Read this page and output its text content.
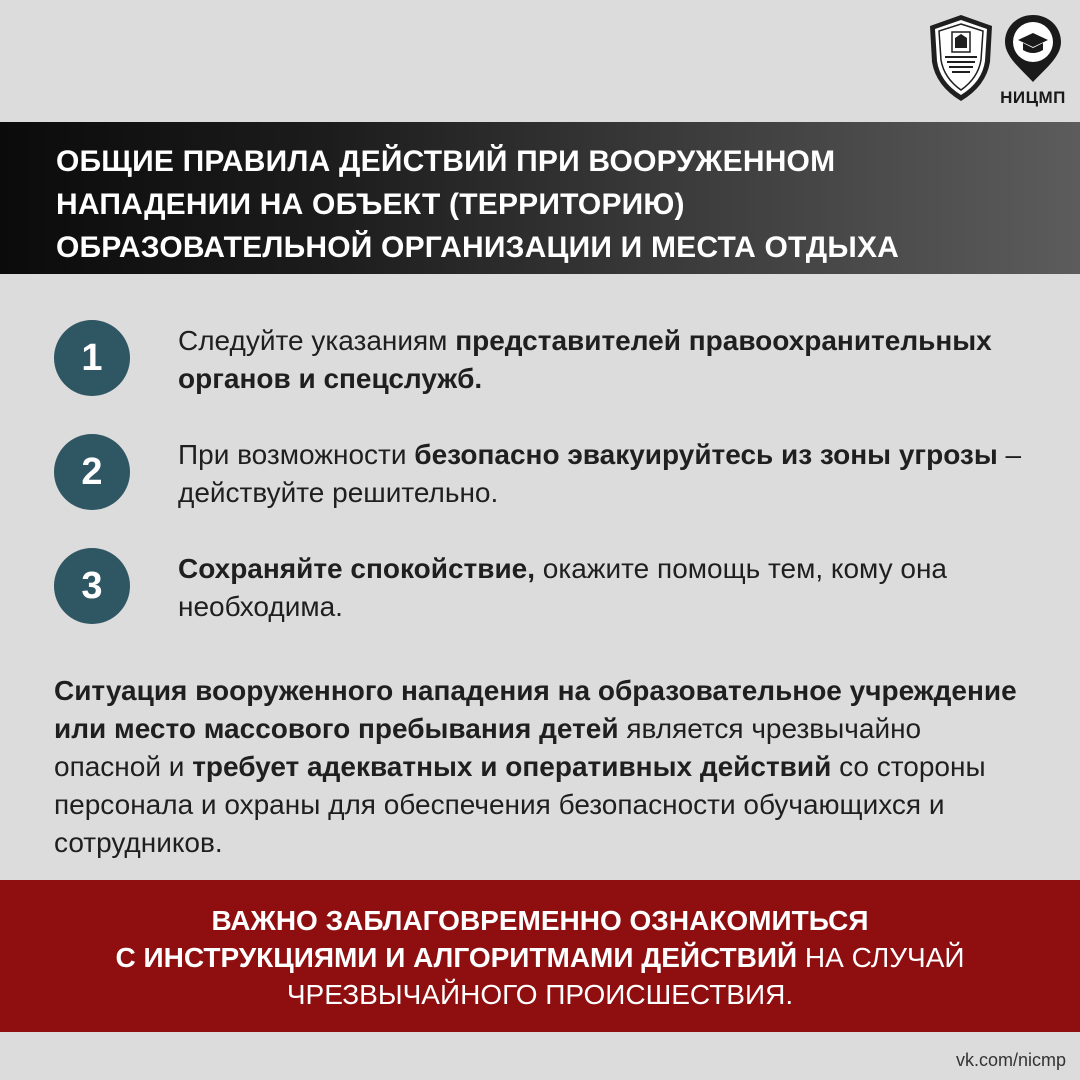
НИЦМП
ОБЩИЕ ПРАВИЛА ДЕЙСТВИЙ ПРИ ВООРУЖЕННОМ
НАПАДЕНИИ НА ОБЪЕКТ (ТЕРРИТОРИЮ)
ОБРАЗОВАТЕЛЬНОЙ ОРГАНИЗАЦИИ И МЕСТА ОТДЫХА
1	Следуйте указаниям представителей правоохранительных органов и спецслужб.

2	При возможности безопасно эвакуируйтесь из зоны угрозы – действуйте решительно.

3	Сохраняйте спокойствие, окажите помощь тем, кому она необходима.

Ситуация вооруженного нападения на образовательное учреждение или место массового пребывания детей является чрезвычайно опасной и требует адекватных и оперативных действий со стороны персонала и охраны для обеспечения безопасности обучающихся и сотрудников.

ВАЖНО ЗАБЛАГОВРЕМЕННО ОЗНАКОМИТЬСЯ

С ИНСТРУКЦИЯМИ И АЛГОРИТМАМИ ДЕЙСТВИЙ НА СЛУЧАЙ

ЧРЕЗВЫЧАЙНОГО ПРОИСШЕСТВИЯ.

vk.com/nicmp
